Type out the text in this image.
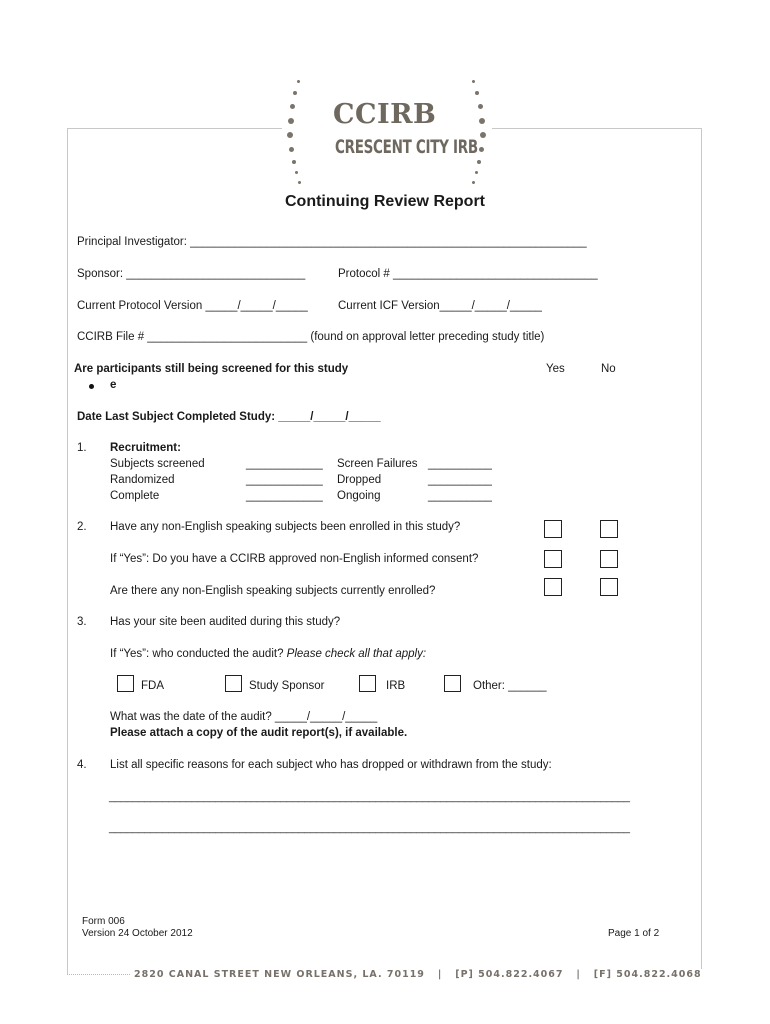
CCIRB
CRESCENT CITY IRB
Continuing Review Report
Principal Investigator: ______________________________________________________________
Sponsor: ____________________________	Protocol # ________________________________
Current Protocol Version _____/_____/_____	Current ICF Version_____/_____/_____
CCIRB File # _________________________ (found on approval letter preceding study title)
Are participants still being screened for this study	Yes	No
e
Date Last Subject Completed Study: _____/_____/_____
1. Recruitment:
Subjects screened	____________ Screen Failures __________
Randomized	____________ Dropped	__________
Complete	____________ Ongoing	__________
2. Have any non-English speaking subjects been enrolled in this study?
If “Yes”: Do you have a CCIRB approved non-English informed consent?
Are there any non-English speaking subjects currently enrolled?
3. Has your site been audited during this study?
If “Yes”: who conducted the audit? Please check all that apply:
FDA	Study Sponsor	IRB	Other: ______
What was the date of the audit? _____/_____/_____
Please attach a copy of the audit report(s), if available.
4. List all specific reasons for each subject who has dropped or withdrawn from the study:
________________________________________________________________________________________
________________________________________________________________________________________
Form 006
Version 24 October 2012	Page 1 of 2
2820 CANAL STREET NEW ORLEANS, LA. 70119   |   [P] 504.822.4067   |   [F] 504.822.4068
